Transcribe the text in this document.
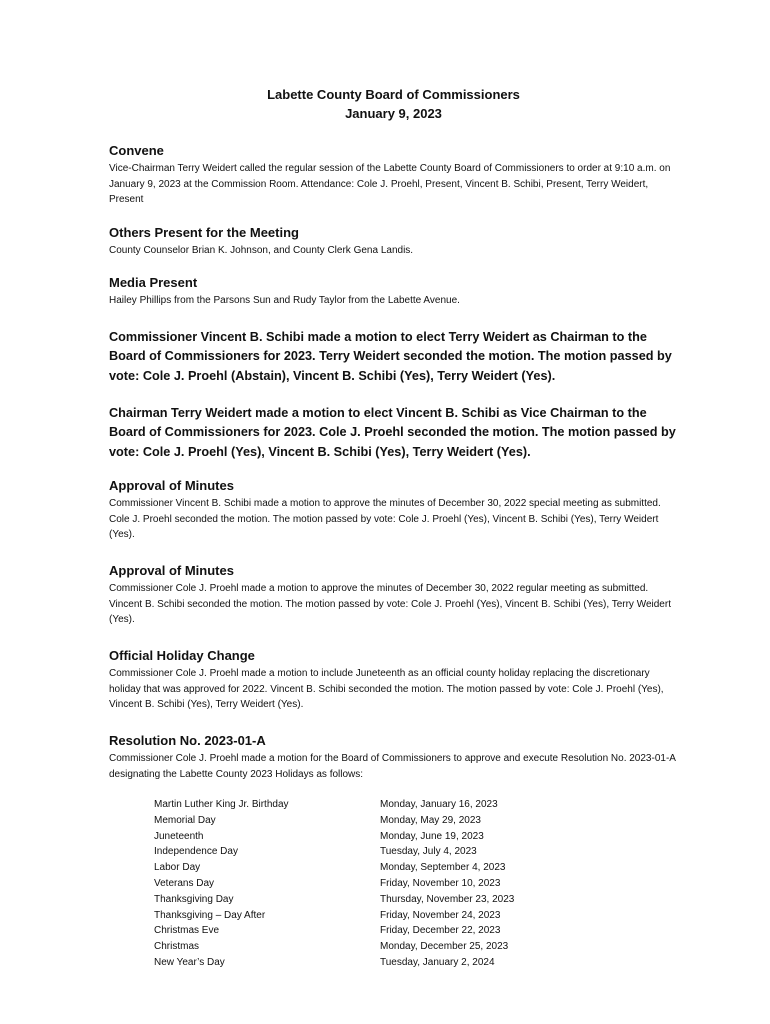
Labette County Board of Commissioners
January 9, 2023

Convene

Vice-Chairman Terry Weidert called the regular session of the Labette County Board of Commissioners to order at 9:10 a.m. on January 9, 2023 at the Commission Room. Attendance: Cole J. Proehl, Present, Vincent B. Schibi, Present, Terry Weidert, Present

Others Present for the Meeting

County Counselor Brian K. Johnson, and County Clerk Gena Landis.

Media Present

Hailey Phillips from the Parsons Sun and Rudy Taylor from the Labette Avenue.

Commissioner Vincent B. Schibi made a motion to elect Terry Weidert as Chairman to the Board of Commissioners for 2023. Terry Weidert seconded the motion. The motion passed by vote: Cole J. Proehl (Abstain), Vincent B. Schibi (Yes), Terry Weidert (Yes).

Chairman Terry Weidert made a motion to elect Vincent B. Schibi as Vice Chairman to the Board of Commissioners for 2023. Cole J. Proehl seconded the motion. The motion passed by vote: Cole J. Proehl (Yes), Vincent B. Schibi (Yes), Terry Weidert (Yes).

Approval of Minutes

Commissioner Vincent B. Schibi made a motion to approve the minutes of December 30, 2022 special meeting as submitted. Cole J. Proehl seconded the motion. The motion passed by vote: Cole J. Proehl (Yes), Vincent B. Schibi (Yes), Terry Weidert (Yes).

Approval of Minutes

Commissioner Cole J. Proehl made a motion to approve the minutes of December 30, 2022 regular meeting as submitted. Vincent B. Schibi seconded the motion. The motion passed by vote: Cole J. Proehl (Yes), Vincent B. Schibi (Yes), Terry Weidert (Yes).

Official Holiday Change

Commissioner Cole J. Proehl made a motion to include Juneteenth as an official county holiday replacing the discretionary holiday that was approved for 2022. Vincent B. Schibi seconded the motion. The motion passed by vote: Cole J. Proehl (Yes), Vincent B. Schibi (Yes), Terry Weidert (Yes).

Resolution No. 2023-01-A

Commissioner Cole J. Proehl made a motion for the Board of Commissioners to approve and execute Resolution No. 2023-01-A designating the Labette County 2023 Holidays as follows:

Martin Luther King Jr. Birthday	Monday, January 16, 2023
Memorial Day	Monday, May 29, 2023
Juneteenth	Monday, June 19, 2023
Independence Day	Tuesday, July 4, 2023
Labor Day	Monday, September 4, 2023
Veterans Day	Friday, November 10, 2023
Thanksgiving Day	Thursday, November 23, 2023
Thanksgiving – Day After	Friday, November 24, 2023
Christmas Eve	Friday, December 22, 2023
Christmas	Monday, December 25, 2023
New Year’s Day	Tuesday, January 2, 2024
